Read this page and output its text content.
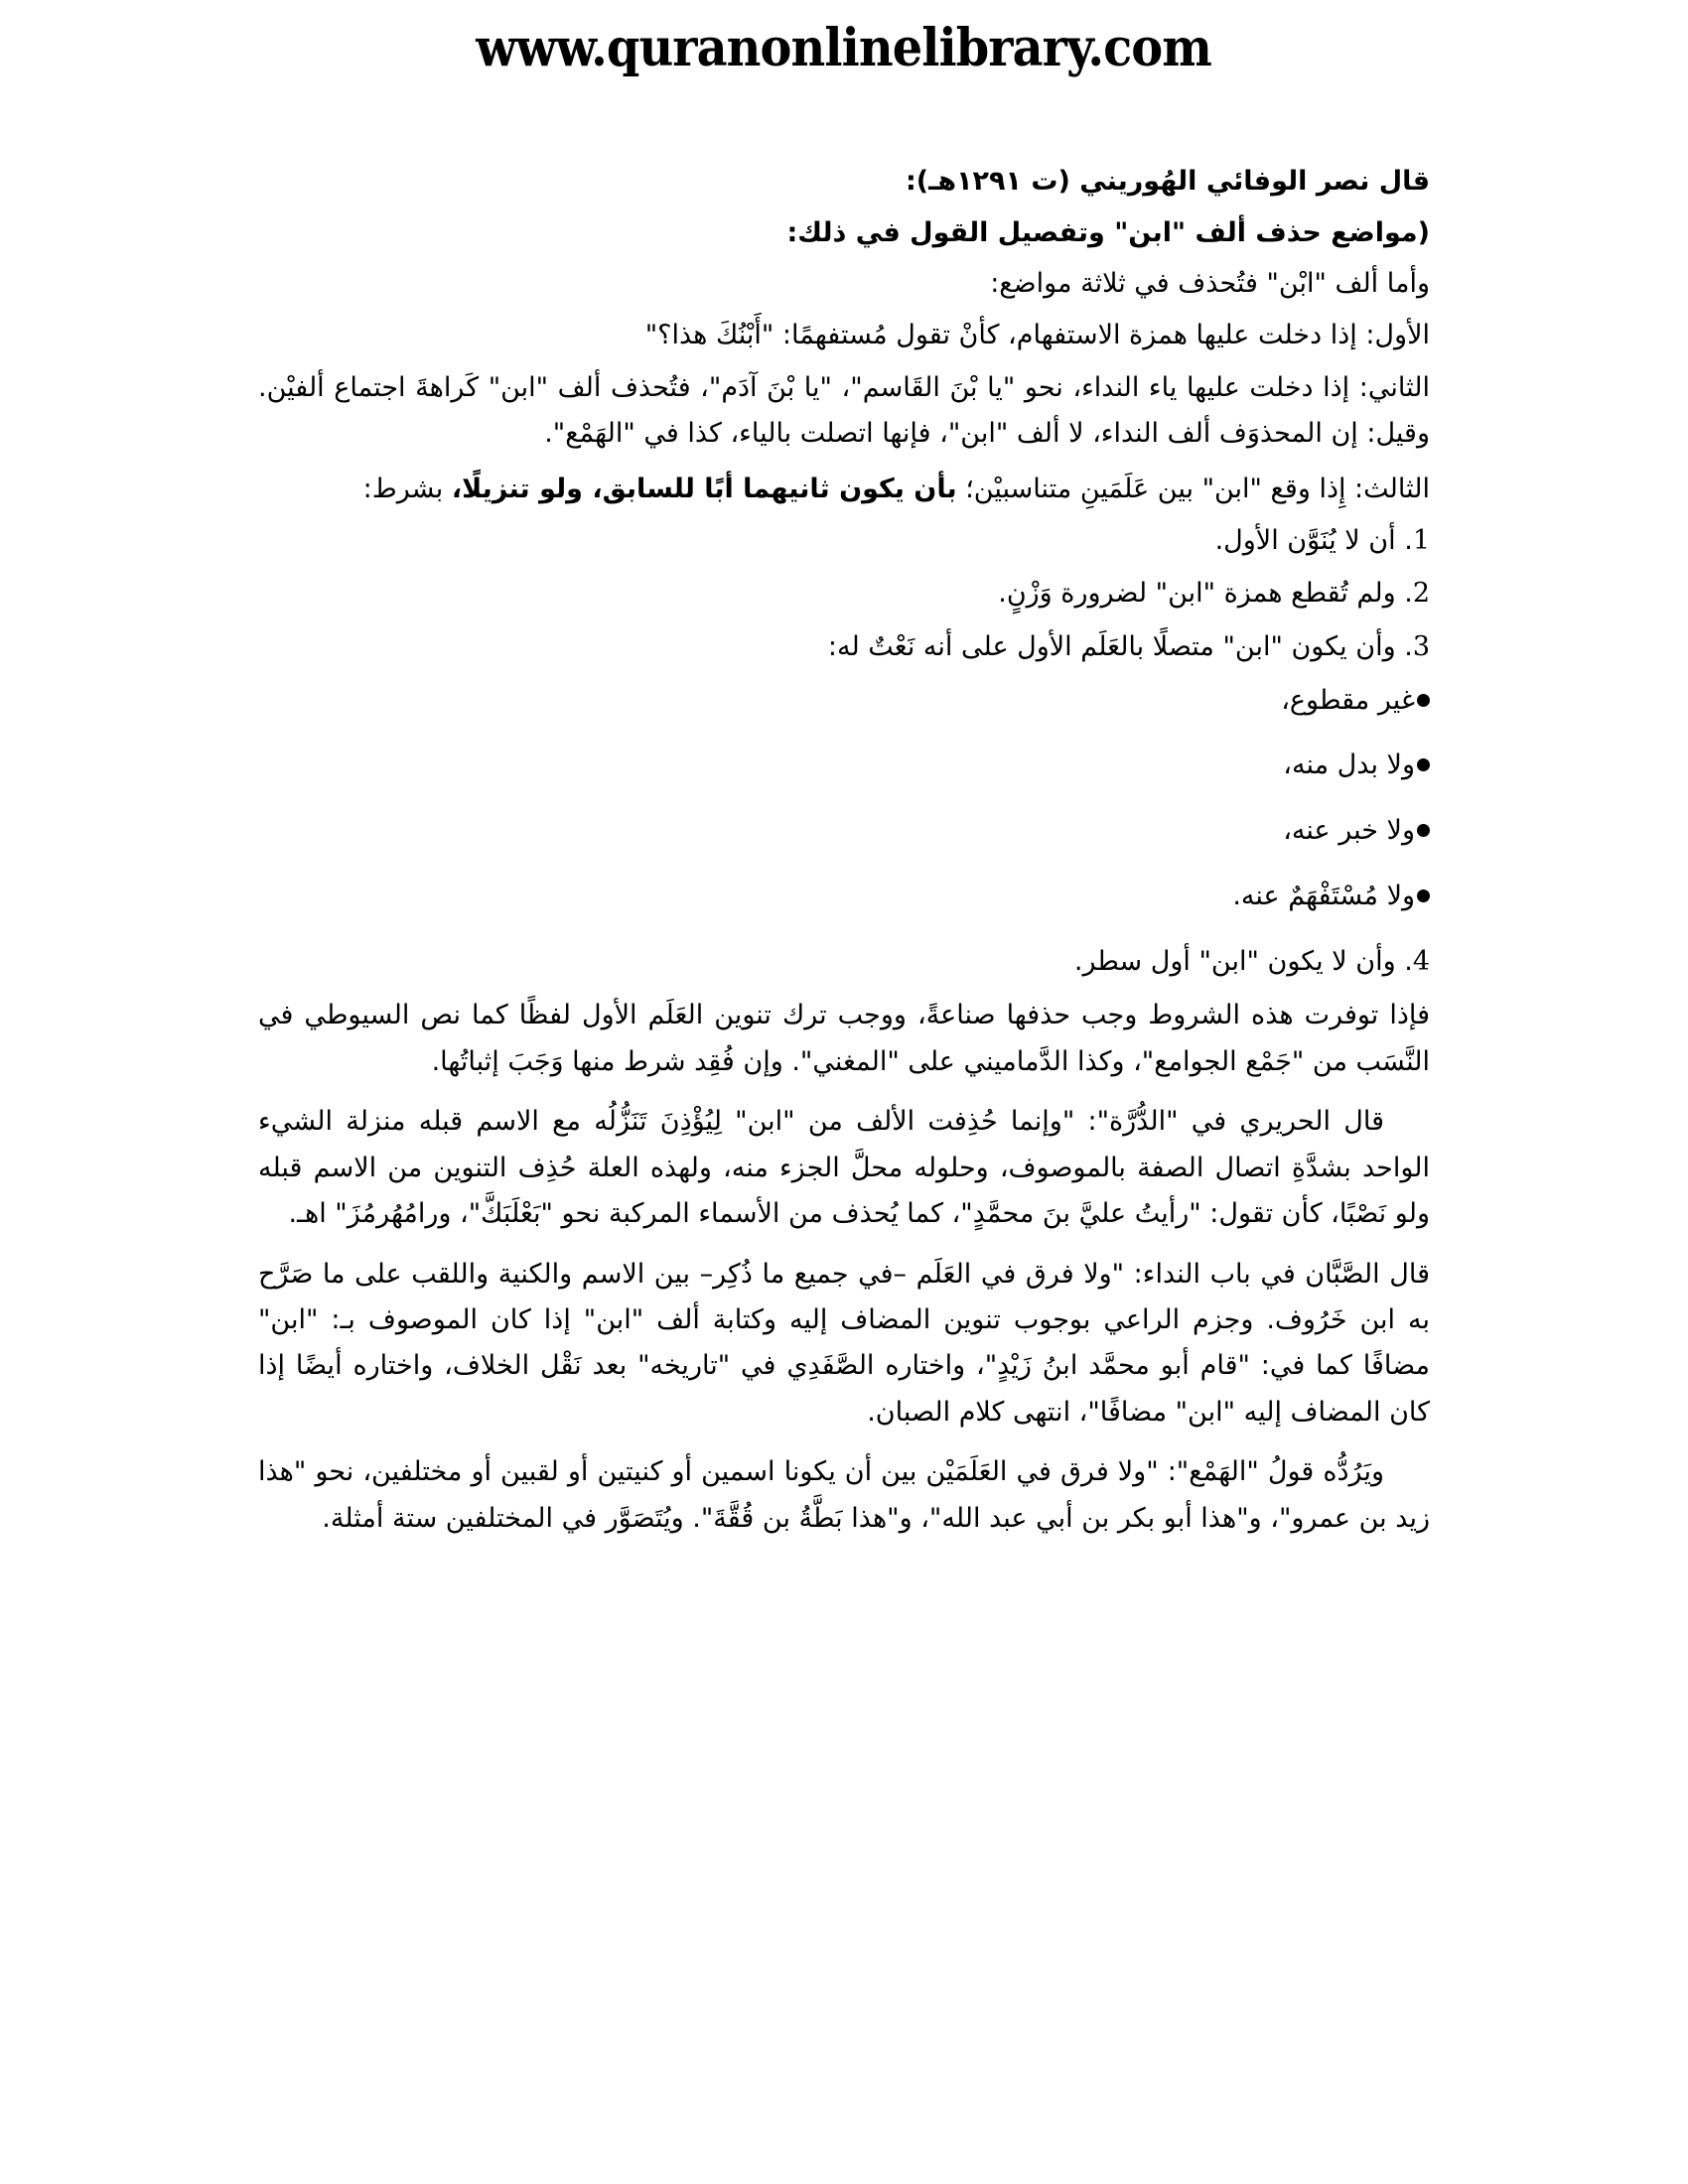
www.quranonlinelibrary.com

قال نصر الوفائي الهُوريني (ت ١٢٩١هـ):

(مواضع حذف ألف "ابن" وتفصيل القول في ذلك:

وأما ألف "ابْن" فتُحذف في ثلاثة مواضع:

الأول: إذا دخلت عليها همزة الاستفهام، كأنْ تقول مُستفهمًا: "أَبْنُكَ هذا؟"

الثاني: إذا دخلت عليها ياء النداء، نحو "يا بْنَ القَاسم"، "يا بْنَ آدَم"، فتُحذف ألف "ابن" كَراهةَ اجتماع ألفيْن. وقيل: إن المحذوَف ألف النداء، لا ألف "ابن"، فإنها اتصلت بالياء، كذا في "الهَمْع".

الثالث: إِذا وقع "ابن" بين عَلَمَينِ متناسبيْن؛ بأن يكون ثانيهما أبًا للسابق، ولو تنزيلًا، بشرط:

1. أن لا يُنَوَّن الأول.
2. ولم تُقطع همزة "ابن" لضرورة وَزْنٍ.
3. وأن يكون "ابن" متصلًا بالعَلَم الأول على أنه نَعْتٌ له:
غير مقطوع،
ولا بدل منه،
ولا خبر عنه،
ولا مُسْتَفْهَمٌ عنه.
4. وأن لا يكون "ابن" أول سطر.

فإذا توفرت هذه الشروط وجب حذفها صناعةً، ووجب ترك تنوين العَلَم الأول لفظًا كما نص السيوطي في النَّسَب من "جَمْع الجوامع"، وكذا الدَّماميني على "المغني". وإن فُقِد شرط منها وَجَبَ إثباتُها.

قال الحريري في "الدُّرَّة": "وإنما حُذِفت الألف من "ابن" لِيُؤْذِنَ تَنَزُّلُه مع الاسم قبله منزلة الشيء الواحد بشدَّةِ اتصال الصفة بالموصوف، وحلوله محلَّ الجزء منه، ولهذه العلة حُذِف التنوين من الاسم قبله ولو نَصْبًا، كأن تقول: "رأيتُ عليَّ بنَ محمَّدٍ"، كما يُحذف من الأسماء المركبة نحو "بَعْلَبَكَّ"، ورامُهُرمُزَ" اهـ.

قال الصَّبَّان في باب النداء: "ولا فرق في العَلَم –في جميع ما ذُكِر– بين الاسم والكنية واللقب على ما صَرَّح به ابن خَرُوف. وجزم الراعي بوجوب تنوين المضاف إليه وكتابة ألف "ابن" إذا كان الموصوف بـ: "ابن" مضافًا كما في: "قام أبو محمَّد ابنُ زَيْدٍ"، واختاره الصَّفَدِي في "تاريخه" بعد نَقْل الخلاف، واختاره أيضًا إذا كان المضاف إليه "ابن" مضافًا"، انتهى كلام الصبان.

ويَرُدُّه قولُ "الهَمْع": "ولا فرق في العَلَمَيْن بين أن يكونا اسمين أو كنيتين أو لقبين أو مختلفين، نحو "هذا زيد بن عمرو"، و"هذا أبو بكر بن أبي عبد الله"، و"هذا بَطَّةُ بن قُقَّةَ". ويُتَصَوَّر في المختلفين ستة أمثلة.
